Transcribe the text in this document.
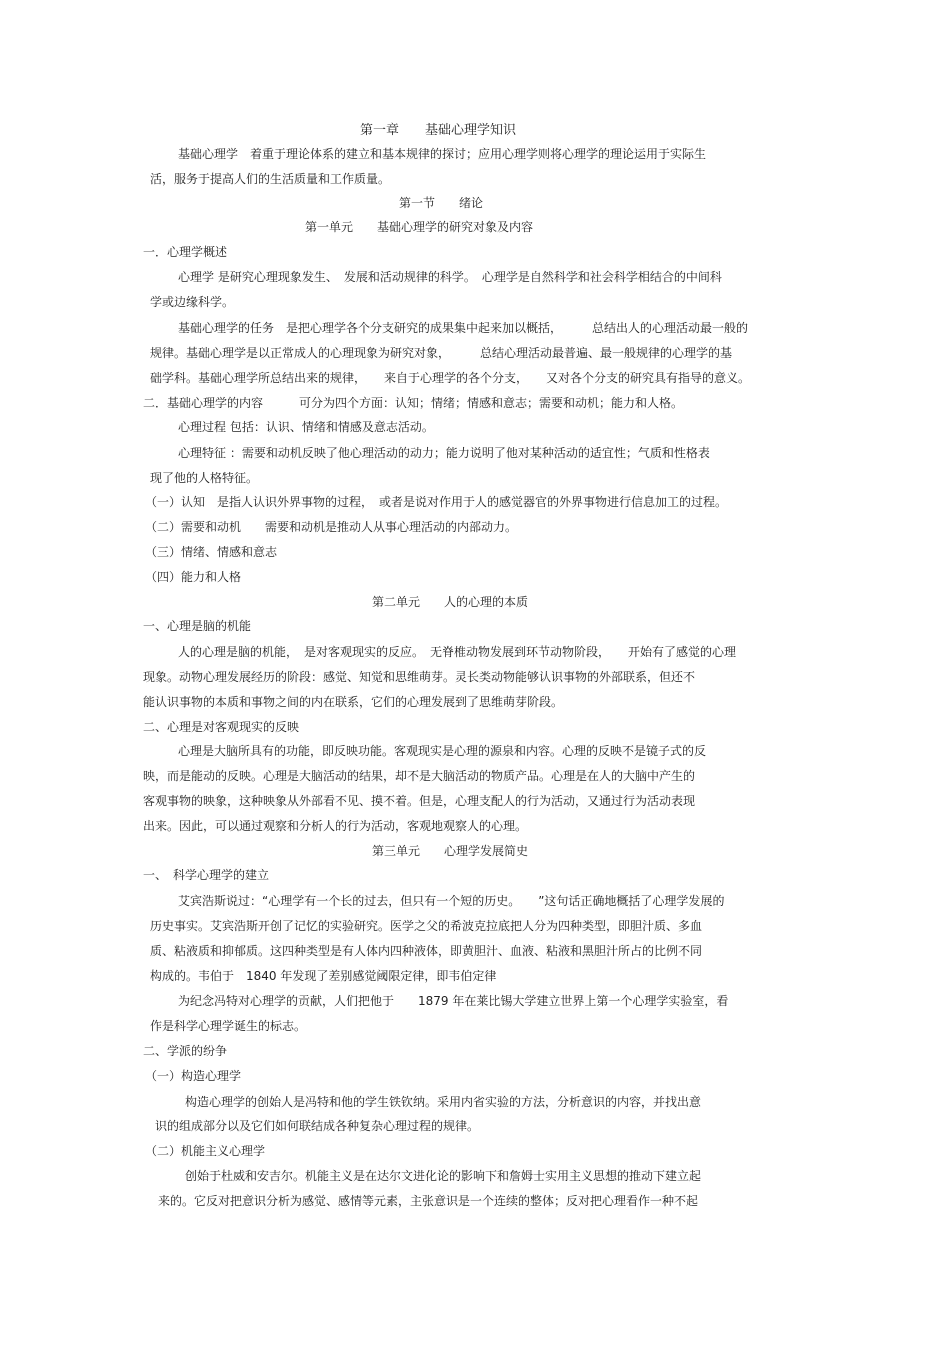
第一章　　基础心理学知识
基础心理学　着重于理论体系的建立和基本规律的探讨；应用心理学则将心理学的理论运用于实际生
活，服务于提高人们的生活质量和工作质量。
第一节　　绪论
第一单元　　基础心理学的研究对象及内容
一．心理学概述
心理学 是研究心理现象发生、　发展和活动规律的科学。　心理学是自然科学和社会科学相结合的中间科
学或边缘科学。
基础心理学的任务　是把心理学各个分支研究的成果集中起来加以概括，　　　总结出人的心理活动最一般的
规律。基础心理学是以正常成人的心理现象为研究对象，　　　总结心理活动最普遍、最一般规律的心理学的基
础学科。基础心理学所总结出来的规律，　　来自于心理学的各个分支，　　又对各个分支的研究具有指导的意义。
二．基础心理学的内容　　　可分为四个方面：认知；情绪；情感和意志；需要和动机；能力和人格。
心理过程 包括：认识、情绪和情感及意志活动。
心理特征 ：需要和动机反映了他心理活动的动力；能力说明了他对某种活动的适宜性；气质和性格表
现了他的人格特征。
（一）认知　是指人认识外界事物的过程，　或者是说对作用于人的感觉器官的外界事物进行信息加工的过程。
（二）需要和动机　　需要和动机是推动人从事心理活动的内部动力。
（三）情绪、情感和意志
（四）能力和人格
第二单元　　人的心理的本质
一、心理是脑的机能
人的心理是脑的机能，　是对客观现实的反应。　无脊椎动物发展到环节动物阶段，　　开始有了感觉的心理
现象。动物心理发展经历的阶段：感觉、知觉和思维萌芽。灵长类动物能够认识事物的外部联系，但还不
能认识事物的本质和事物之间的内在联系，它们的心理发展到了思维萌芽阶段。
二、心理是对客观现实的反映
心理是大脑所具有的功能，即反映功能。客观现实是心理的源泉和内容。心理的反映不是镜子式的反
映，而是能动的反映。心理是大脑活动的结果，却不是大脑活动的物质产品。心理是在人的大脑中产生的
客观事物的映象，这种映象从外部看不见、摸不着。但是，心理支配人的行为活动，又通过行为活动表现
出来。因此，可以通过观察和分析人的行为活动，客观地观察人的心理。
第三单元　　心理学发展简史
一、　科学心理学的建立
艾宾浩斯说过：“心理学有一个长的过去，但只有一个短的历史。　　”这句话正确地概括了心理学发展的
历史事实。艾宾浩斯开创了记忆的实验研究。医学之父的希波克拉底把人分为四种类型，即胆汁质、多血
质、粘液质和抑郁质。这四种类型是有人体内四种液体，即黄胆汁、血液、粘液和黑胆汁所占的比例不同
构成的。韦伯于　1840 年发现了差别感觉阈限定律，即韦伯定律
为纪念冯特对心理学的贡献，人们把他于　　1879 年在莱比锡大学建立世界上第一个心理学实验室，看
作是科学心理学诞生的标志。
二、学派的纷争
（一）构造心理学
构造心理学的创始人是冯特和他的学生铁钦纳。采用内省实验的方法，分析意识的内容，并找出意
识的组成部分以及它们如何联结成各种复杂心理过程的规律。
（二）机能主义心理学
创始于杜威和安吉尔。机能主义是在达尔文进化论的影响下和詹姆士实用主义思想的推动下建立起
来的。它反对把意识分析为感觉、感情等元素，主张意识是一个连续的整体；反对把心理看作一种不起
